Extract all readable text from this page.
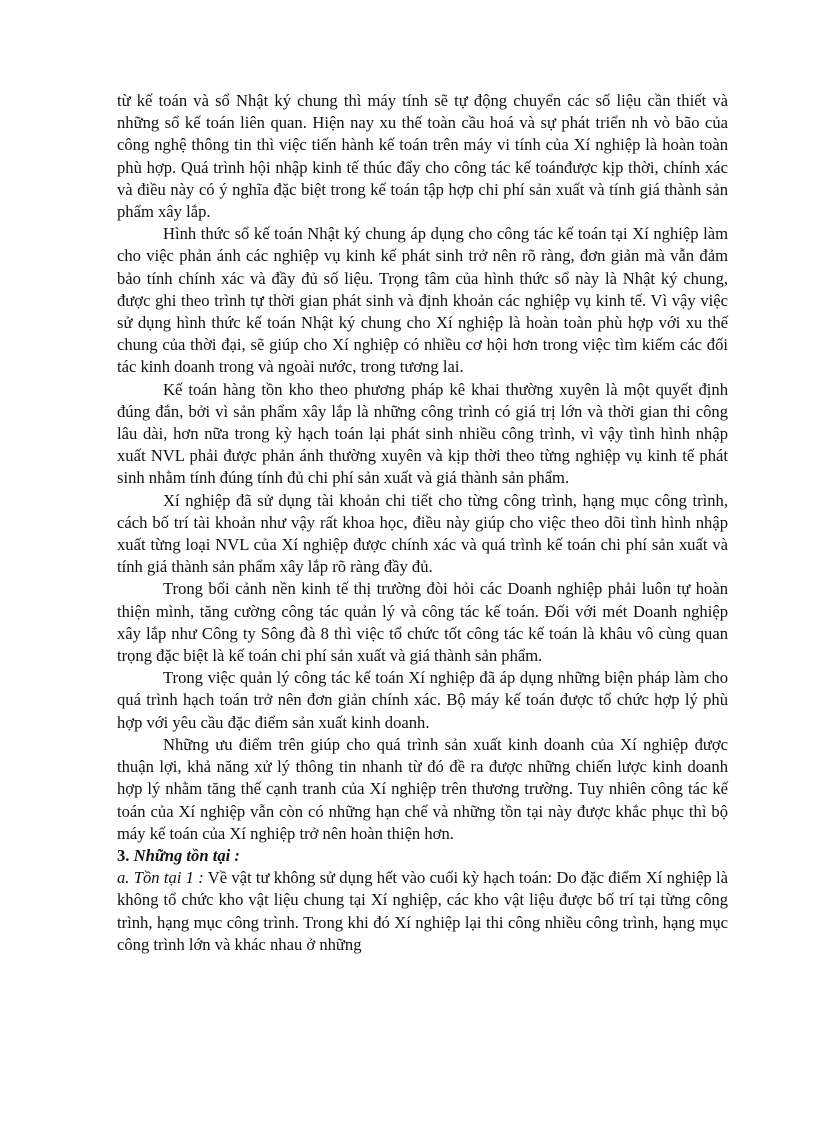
từ kế toán và sổ Nhật ký chung thì máy tính sẽ tự động chuyển các số liệu cần thiết và những sổ kế toán liên quan. Hiện nay xu thế toàn cầu hoá và sự phát triển nh vò bão của công nghệ thông tin thì việc tiến hành kế toán trên máy vi tính của Xí nghiệp là hoàn toàn phù hợp. Quá trình hội nhập kinh tế thúc đẩy cho công tác kế toánđược kịp thời, chính xác và điều này có ý nghĩa đặc biệt trong kế toán tập hợp chi phí sản xuất và tính giá thành sản phẩm xây lắp.

Hình thức sổ kế toán Nhật ký chung áp dụng cho công tác kế toán tại Xí nghiệp làm cho việc phản ánh các nghiệp vụ kinh kế phát sinh trở nên rõ ràng, đơn giản mà vẫn đảm bảo tính chính xác và đầy đủ số liệu. Trọng tâm của hình thức sổ này là Nhật ký chung, được ghi theo trình tự thời gian phát sinh và định khoản các nghiệp vụ kinh tế. Vì vậy việc sử dụng hình thức kế toán Nhật ký chung cho Xí nghiệp là hoàn toàn phù hợp với xu thế chung của thời đại, sẽ giúp cho Xí nghiệp có nhiều cơ hội hơn trong việc tìm kiếm các đối tác kinh doanh trong và ngoài nước, trong tương lai.

Kế toán hàng tồn kho theo phương pháp kê khai thường xuyên là một quyết định đúng đắn, bởi vì sản phẩm xây lắp là những công trình có giá trị lớn và thời gian thi công lâu dài, hơn nữa trong kỳ hạch toán lại phát sinh nhiều công trình, vì vậy tình hình nhập xuất NVL phải được phản ánh thường xuyên và kịp thời theo từng nghiệp vụ kinh tế phát sinh nhằm tính đúng tính đủ chi phí sản xuất và giá thành sản phẩm.

Xí nghiệp đã sử dụng tài khoản chi tiết cho từng công trình, hạng mục công trình, cách bố trí tài khoản như vậy rất khoa học, điều này giúp cho việc theo dõi tình hình nhập xuất từng loại NVL của Xí nghiệp được chính xác và quá trình kế toán chi phí sản xuất và tính giá thành sản phẩm xây lắp rõ ràng đầy đủ.

Trong bối cảnh nền kinh tế thị trường đòi hỏi các Doanh nghiệp phải luôn tự hoàn thiện mình, tăng cường công tác quản lý và công tác kế toán. Đối với mét Doanh nghiệp xây lắp như Công ty Sông đà 8 thì việc tổ chức tốt công tác kế toán là khâu vô cùng quan trọng đặc biệt là kế toán chi phí sản xuất và giá thành sản phẩm.

Trong việc quản lý công tác kế toán Xí nghiệp đã áp dụng những biện pháp làm cho quá trình hạch toán trở nên đơn giản chính xác. Bộ máy kế toán được tổ chức hợp lý phù hợp với yêu cầu đặc điểm sản xuất kinh doanh.

Những ưu điểm trên giúp cho quá trình sản xuất kinh doanh của Xí nghiệp được thuận lợi, khả năng xử lý thông tin nhanh từ đó đề ra được những chiến lược kinh doanh hợp lý nhằm tăng thế cạnh tranh của Xí nghiệp trên thương trường. Tuy nhiên công tác kế toán của Xí nghiệp vẫn còn có những hạn chế và những tồn tại này được khắc phục thì bộ máy kế toán của Xí nghiệp trở nên hoàn thiện hơn.

3. Những tồn tại :

a. Tồn tại 1 : Về vật tư không sử dụng hết vào cuối kỳ hạch toán: Do đặc điểm Xí nghiệp là không tổ chức kho vật liệu chung tại Xí nghiệp, các kho vật liệu được bố trí tại từng công trình, hạng mục công trình. Trong khi đó Xí nghiệp lại thi công nhiều công trình, hạng mục công trình lớn và khác nhau ở những
